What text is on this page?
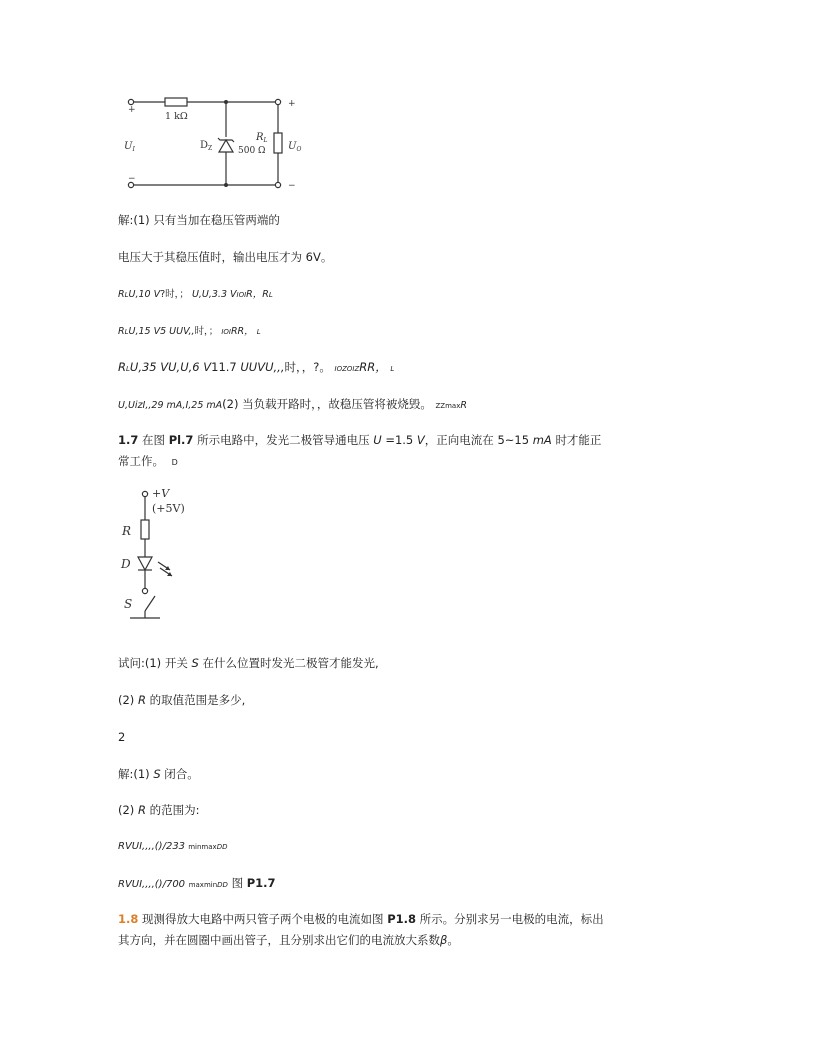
+
−
+
−
1 kΩ
$D_Z$
$R_L$
500 Ω
$U_I$	$U_O$
解:(1) 只有当加在稳压管两端的
电压大于其稳压值时，输出电压才为 6V。
RLU,10 V?时，； U,U,3.3 VIOIR，RL
RLU,15 V5 UUV,,时，； IOIRR， L
RLU,35 VU,U,6 V11.7 UUVU,,,时，，?。 IOZOIZRR， L
U,UizI,,29 mA,I,25 mA(2) 当负载开路时，，故稳压管将被烧毁。 ZZmaxR
1.7 在图 Pl.7 所示电路中，发光二极管导通电压 U =1.5 V，正向电流在 5~15 mA 时才能正
常工作。 D
+V
(+5V)
R
D
S
试问:(1) 开关 S 在什么位置时发光二极管才能发光,
(2) R 的取值范围是多少,
2
解:(1) S 闭合。
(2) R 的范围为:
RVUI,,,,()/233 minmaxDD
RVUI,,,,()/700 maxminDD 图 P1.7
1.8 现测得放大电路中两只管子两个电极的电流如图 P1.8 所示。分别求另一电极的电流，标出
其方向，并在圆圈中画出管子，且分别求出它们的电流放大系数β。
